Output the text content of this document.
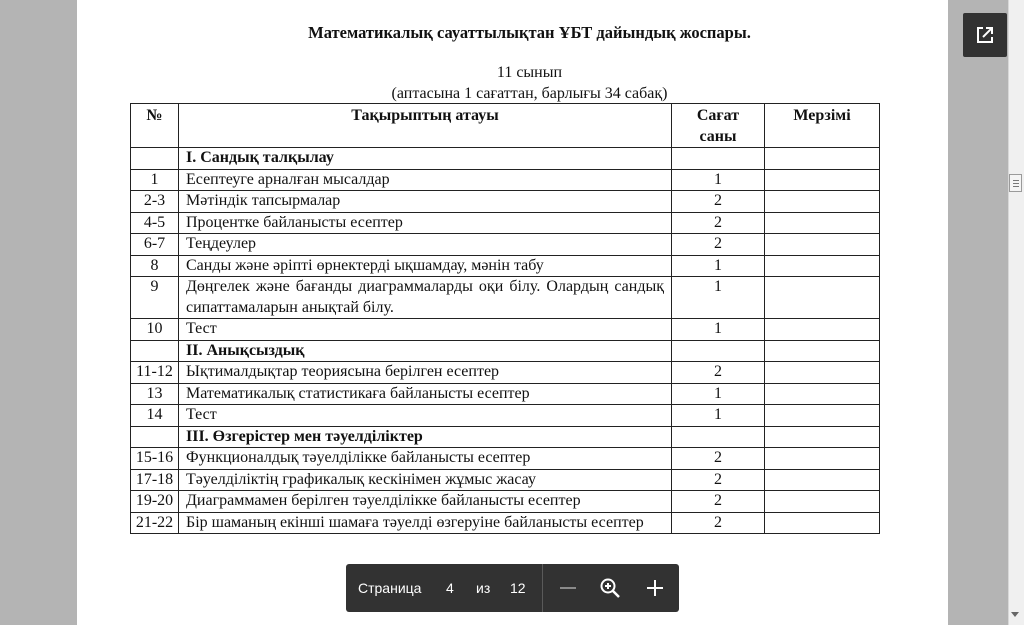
Математикалық сауаттылықтан ҰБТ дайындық жоспары.
11 сынып
(аптасына 1 сағаттан, барлығы 34 сабақ)
№	Тақырыптың атауы	Сағат саны	Мерзімі
	I. Сандық талқылау		
1	Есептеуге арналған мысалдар	1	
2-3	Мәтіндік тапсырмалар	2	
4-5	Процентке байланысты есептер	2	
6-7	Теңдеулер	2	
8	Санды және әріпті өрнектерді ықшамдау, мәнін табу	1	
9	Дөңгелек және бағанды диаграммаларды оқи білу. Олардың сандық сипаттамаларын анықтай білу.	1	
10	Тест	1	
	II. Анықсыздық		
11-12	Ықтималдықтар теориясына берілген есептер	2	
13	Математикалық статистикаға байланысты есептер	1	
14	Тест	1	
	III. Өзгерістер мен тәуелділіктер		
15-16	Функционалдық тәуелділікке байланысты есептер	2	
17-18	Тәуелділіктің графикалық кескінімен жұмыс жасау	2	
19-20	Диаграммамен берілген тәуелділікке байланысты есептер	2	
21-22	Бір шаманың екінші шамаға тәуелді өзгеруіне байланысты есептер	2	
Страница 4 из 12
